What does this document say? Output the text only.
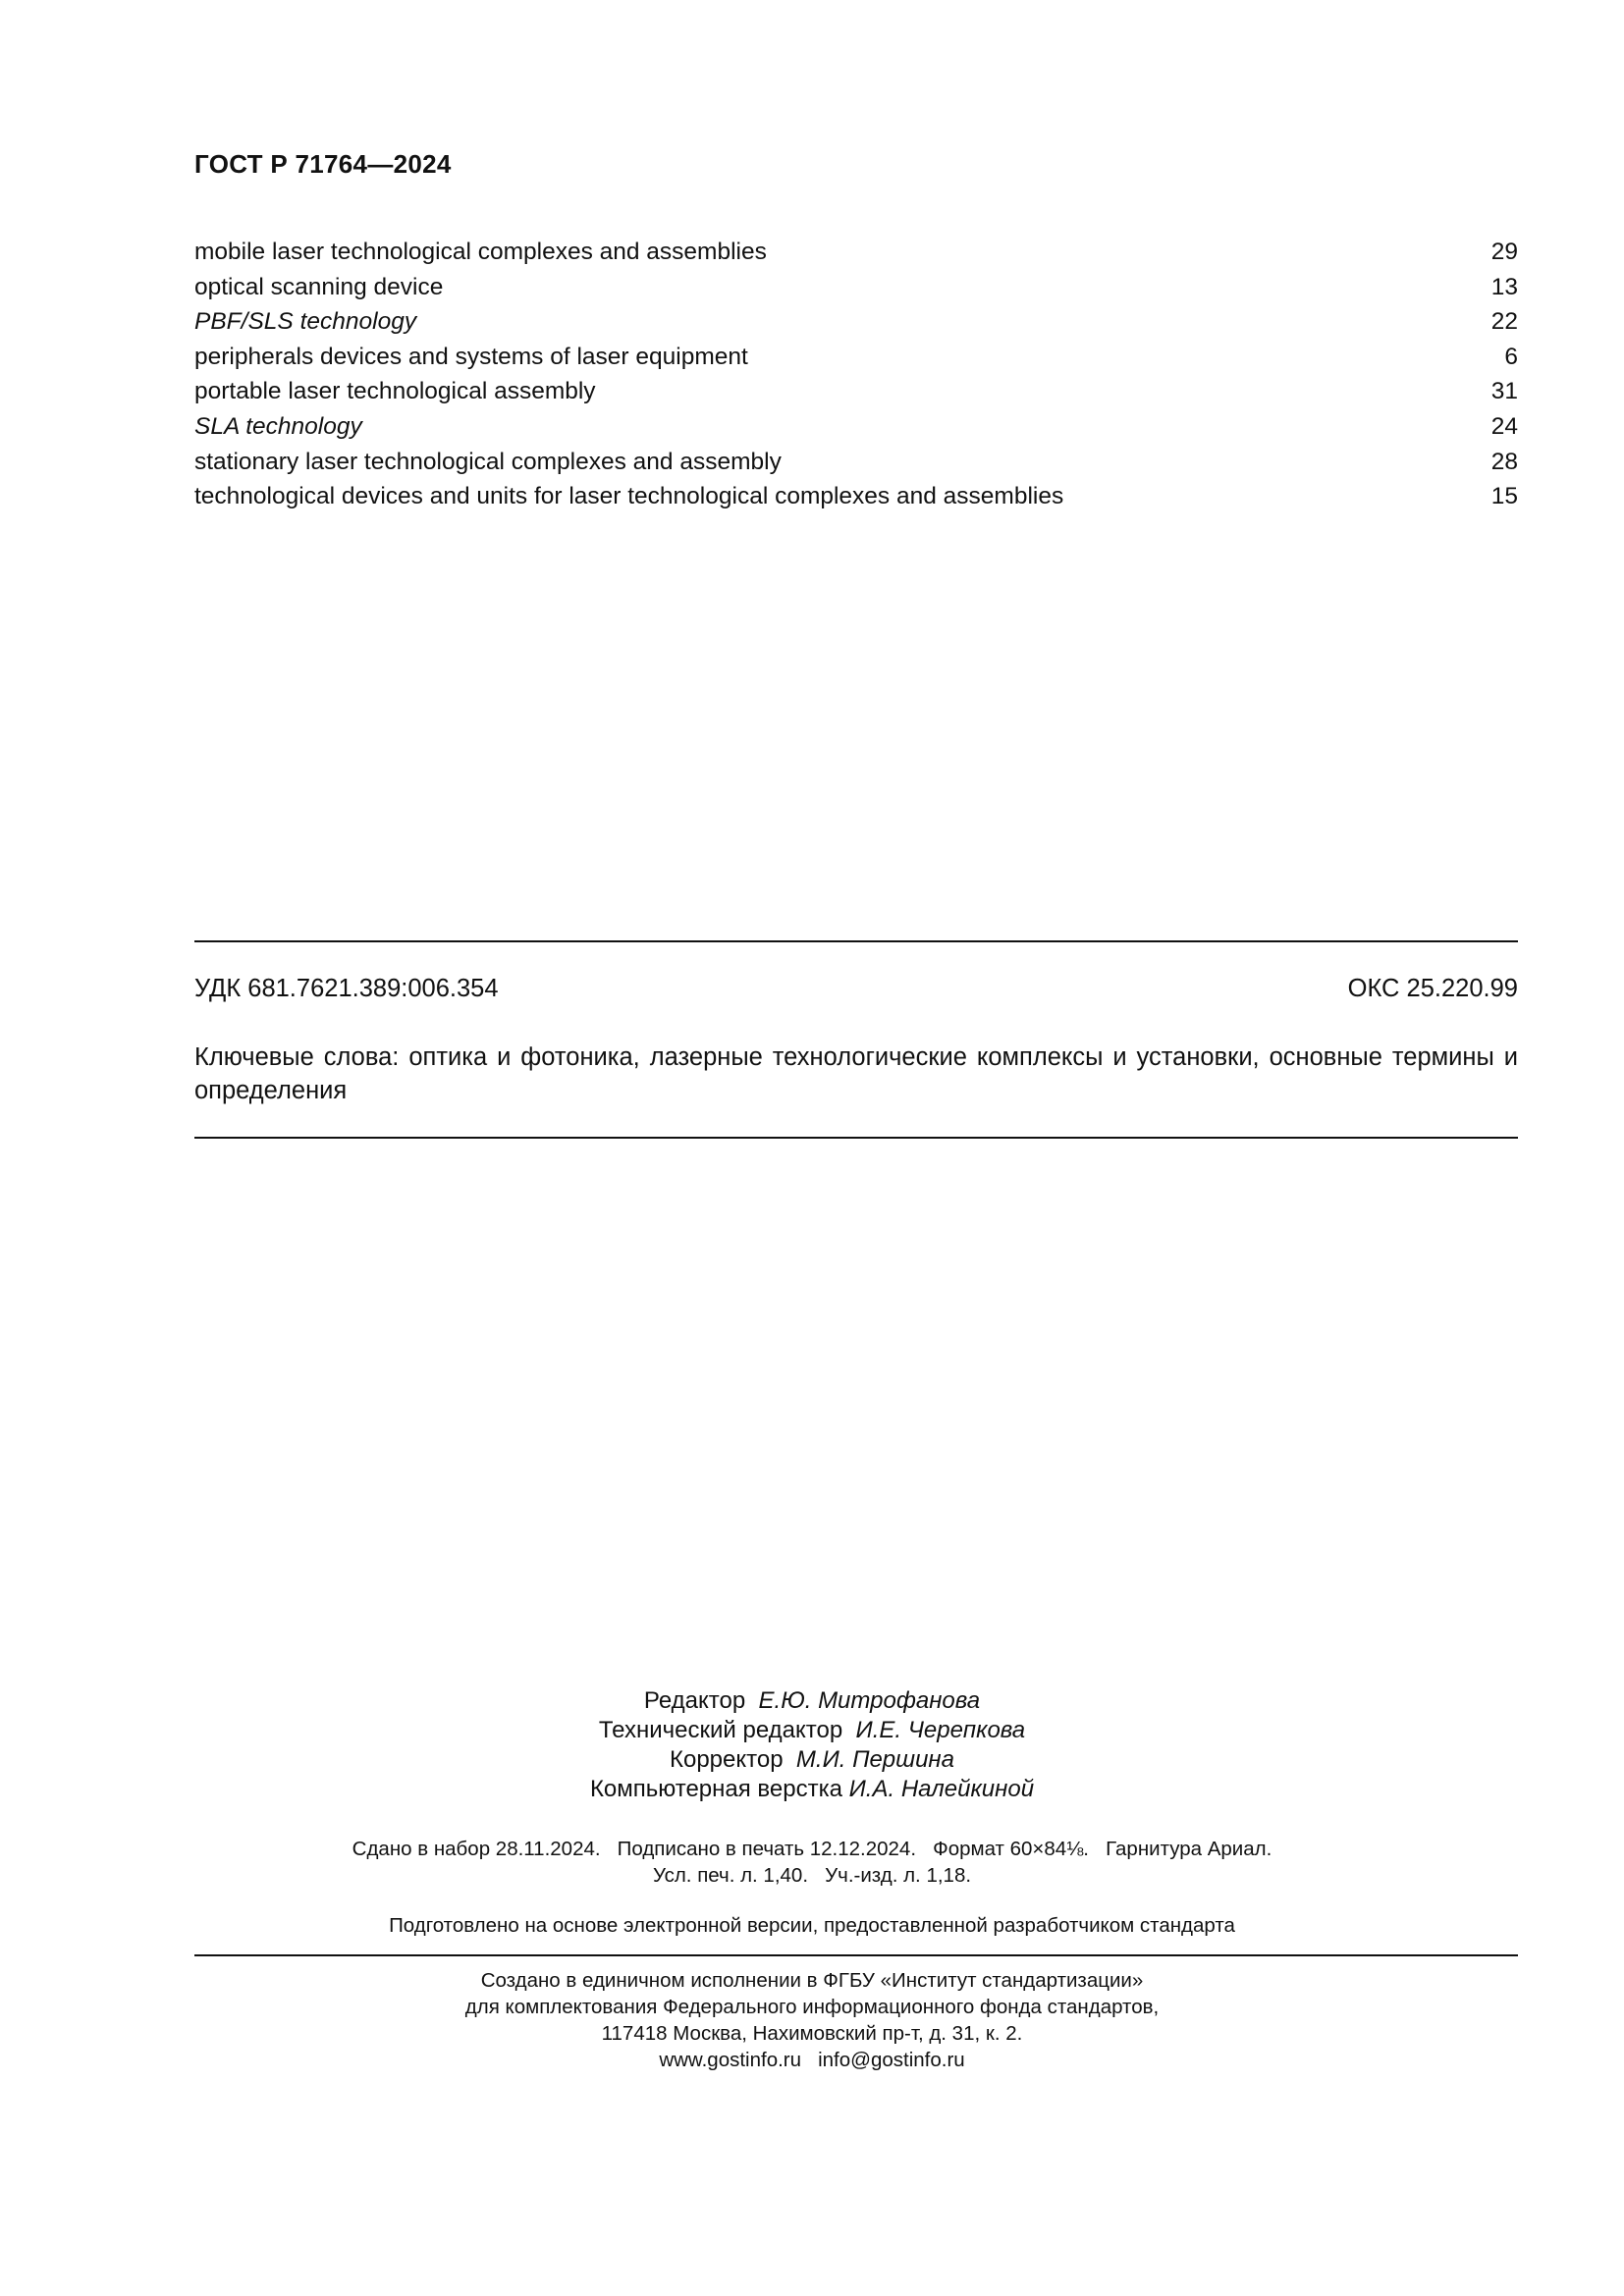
ГОСТ Р 71764—2024
mobile laser technological complexes and assemblies	29
optical scanning device	13
PBF/SLS technology	22
peripherals devices and systems of laser equipment	6
portable laser technological assembly	31
SLA technology	24
stationary laser technological complexes and assembly	28
technological devices and units for laser technological complexes and assemblies	15
УДК 681.7621.389:006.354	ОКС 25.220.99
Ключевые слова: оптика и фотоника, лазерные технологические комплексы и установки, основные термины и определения
Редактор Е.Ю. Митрофанова
Технический редактор И.Е. Черепкова
Корректор М.И. Першина
Компьютерная верстка И.А. Налейкиной
Сдано в набор 28.11.2024.   Подписано в печать 12.12.2024.   Формат 60×84⅛.   Гарнитура Ариал.
Усл. печ. л. 1,40.   Уч.-изд. л. 1,18.
Подготовлено на основе электронной версии, предоставленной разработчиком стандарта
Создано в единичном исполнении в ФГБУ «Институт стандартизации»
для комплектования Федерального информационного фонда стандартов,
117418 Москва, Нахимовский пр-т, д. 31, к. 2.
www.gostinfo.ru   info@gostinfo.ru
